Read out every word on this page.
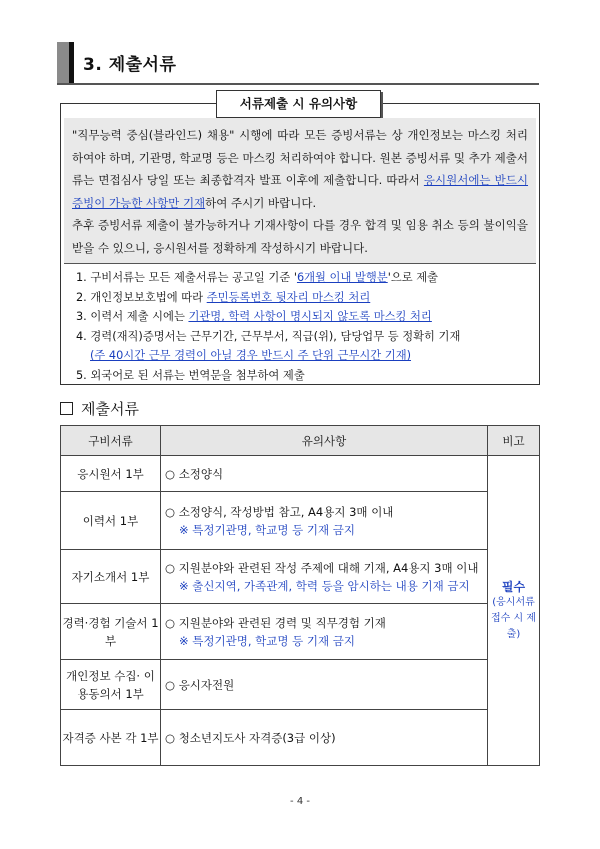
3. 제출서류
서류제출 시 유의사항

"직무능력 중심(블라인드) 채용" 시행에 따라 모든 증빙서류는 상 개인정보는 마스킹 처리하여야 하며, 기관명, 학교명 등은 마스킹 처리하여야 합니다. 원본 증빙서류 및 추가 제출서류는 면접심사 당일 또는 최종합격자 발표 이후에 제출합니다. 따라서 응시원서에는 반드시 증빙이 가능한 사항만 기재하여 주시기 바랍니다.

추후 증빙서류 제출이 불가능하거나 기재사항이 다를 경우 합격 및 임용 취소 등의 불이익을 받을 수 있으니, 응시원서를 정확하게 작성하시기 바랍니다.

1. 구비서류는 모든 제출서류는 공고일 기준 '6개월 이내 발행분'으로 제출
2. 개인정보보호법에 따라 주민등록번호 뒷자리 마스킹 처리
3. 이력서 제출 시에는 기관명, 학력 사항이 명시되지 않도록 마스킹 처리
4. 경력(재직)증명서는 근무기간, 근무부서, 직급(위), 담당업무 등 정확히 기재
(주 40시간 근무 경력이 아닐 경우 반드시 주 단위 근무시간 기재)
5. 외국어로 된 서류는 번역문을 첨부하여 제출
제출서류
구비서류	유의사항	비고
응시원서 1부	○ 소정양식	필수
(응시서류 접수 시 제출)

이력서 1부	○ 소정양식, 작성방법 참고, A4용지 3매 이내
※ 특정기관명, 학교명 등 기재 금지	

자기소개서 1부	○ 지원분야와 관련된 작성 주제에 대해 기재, A4용지 3매 이내
※ 출신지역, 가족관계, 학력 등을 암시하는 내용 기재 금지	

경력·경험 기술서 1부	○ 지원분야와 관련된 경력 및 직무경험 기재
※ 특정기관명, 학교명 등 기재 금지	

개인정보 수집· 이용동의서 1부	○ 응시자전원	

자격증 사본 각 1부	○ 청소년지도사 자격증(3급 이상)	
- 4 -
